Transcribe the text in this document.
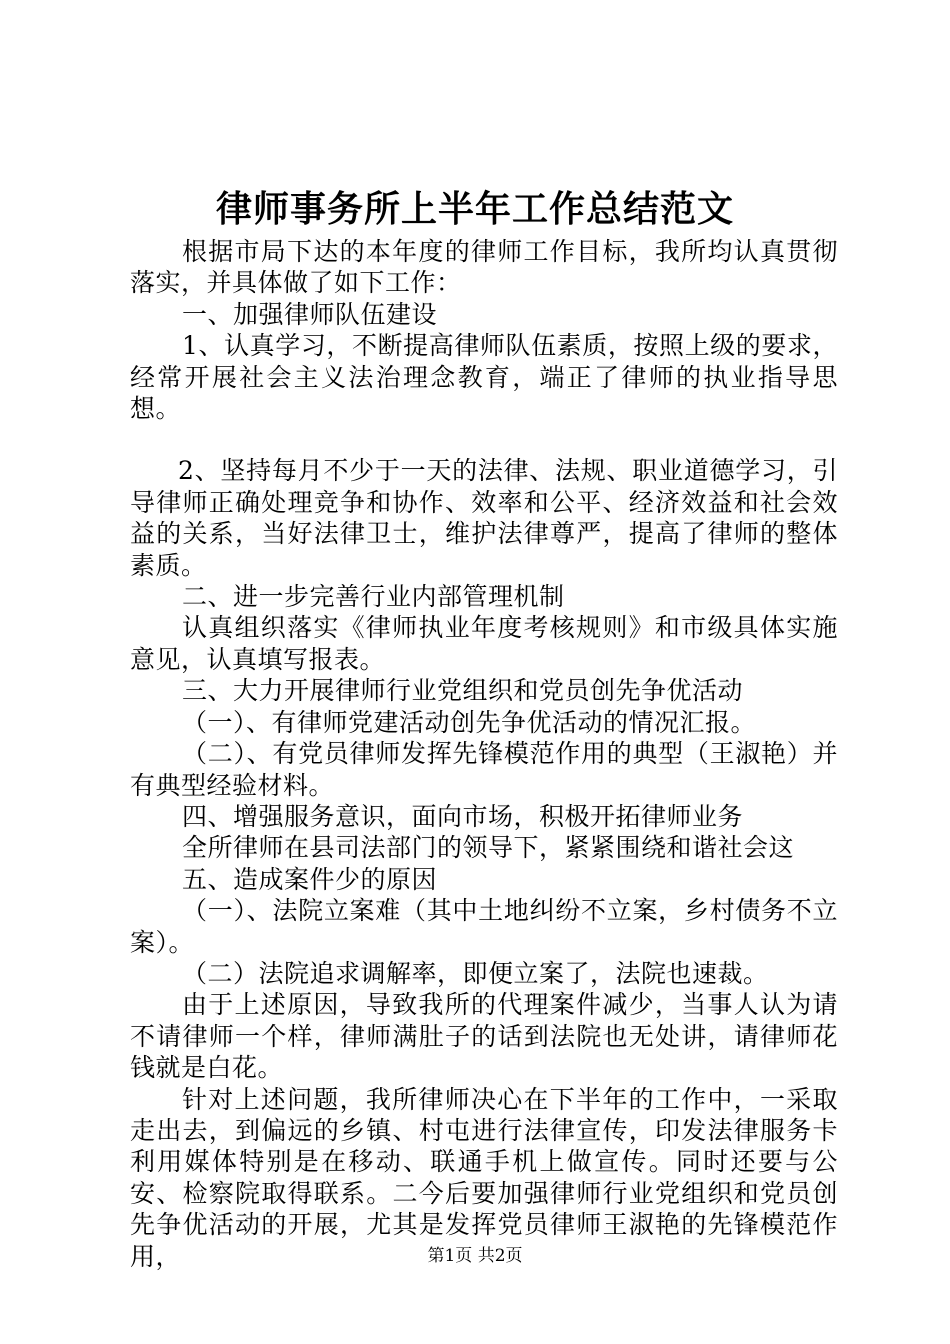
律师事务所上半年工作总结范文

根据市局下达的本年度的律师工作目标，我所均认真贯彻落实，并具体做了如下工作：

一、加强律师队伍建设

1、认真学习，不断提高律师队伍素质，按照上级的要求，经常开展社会主义法治理念教育，端正了律师的执业指导思想。

2、坚持每月不少于一天的法律、法规、职业道德学习，引导律师正确处理竞争和协作、效率和公平、经济效益和社会效益的关系，当好法律卫士，维护法律尊严，提高了律师的整体素质。

二、进一步完善行业内部管理机制

认真组织落实《律师执业年度考核规则》和市级具体实施意见，认真填写报表。

三、大力开展律师行业党组织和党员创先争优活动

（一）、有律师党建活动创先争优活动的情况汇报。

（二）、有党员律师发挥先锋模范作用的典型（王淑艳）并有典型经验材料。

四、增强服务意识，面向市场，积极开拓律师业务

全所律师在县司法部门的领导下，紧紧围绕和谐社会这

五、造成案件少的原因

（一）、法院立案难（其中土地纠纷不立案，乡村债务不立案）。

（二）法院追求调解率，即便立案了，法院也速裁。

由于上述原因，导致我所的代理案件减少，当事人认为请不请律师一个样，律师满肚子的话到法院也无处讲，请律师花钱就是白花。

针对上述问题，我所律师决心在下半年的工作中，一采取走出去，到偏远的乡镇、村屯进行法律宣传，印发法律服务卡利用媒体特别是在移动、联通手机上做宣传。同时还要与公安、检察院取得联系。二今后要加强律师行业党组织和党员创先争优活动的开展，尤其是发挥党员律师王淑艳的先锋模范作用，	第1页 共2页
